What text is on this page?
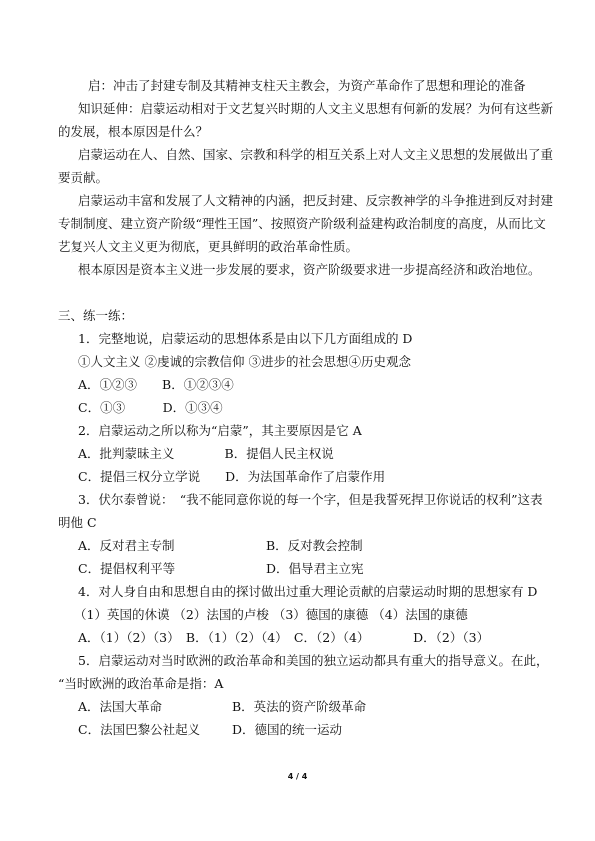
启：冲击了封建专制及其精神支柱天主教会，为资产革命作了思想和理论的准备
知识延伸：启蒙运动相对于文艺复兴时期的人文主义思想有何新的发展？为何有这些新
的发展，根本原因是什么？
启蒙运动在人、自然、国家、宗教和科学的相互关系上对人文主义思想的发展做出了重
要贡献。
启蒙运动丰富和发展了人文精神的内涵，把反封建、反宗教神学的斗争推进到反对封建
专制制度、建立资产阶级“理性王国”、按照资产阶级利益建构政治制度的高度，从而比文
艺复兴人文主义更为彻底，更具鲜明的政治革命性质。
根本原因是资本主义进一步发展的要求，资产阶级要求进一步提高经济和政治地位。
三、练一练：
1．完整地说，启蒙运动的思想体系是由以下几方面组成的 D
①人文主义 ②虔诚的宗教信仰 ③进步的社会思想④历史观念
A．①②③　　B．①②③④
C．①③　　　D．①③④
2．启蒙运动之所以称为“启蒙”，其主要原因是它 A
A．批判蒙昧主义　　　　B．提倡人民主权说
C．提倡三权分立学说　　D．为法国革命作了启蒙作用
3．伏尔泰曾说：　“我不能同意你说的每一个字，但是我誓死捍卫你说话的权利”这表
明他 C
A．反对君主专制	B．反对教会控制
C．提倡权利平等	D．倡导君主立宪
4．对人身自由和思想自由的探讨做出过重大理论贡献的启蒙运动时期的思想家有 D
（1）英国的休谟 （2）法国的卢梭 （3）德国的康德 （4）法国的康德
A．（1）（2）（3）　B．（1）（2）（4）　C．（2）（4）　　　　D．（2）（3）
5．启蒙运动对当时欧洲的政治革命和美国的独立运动都具有重大的指导意义。在此，
“当时欧洲的政治革命是指：A
A．法国大革命	B．英法的资产阶级革命
C．法国巴黎公社起义	D．德国的统一运动
4 / 4
